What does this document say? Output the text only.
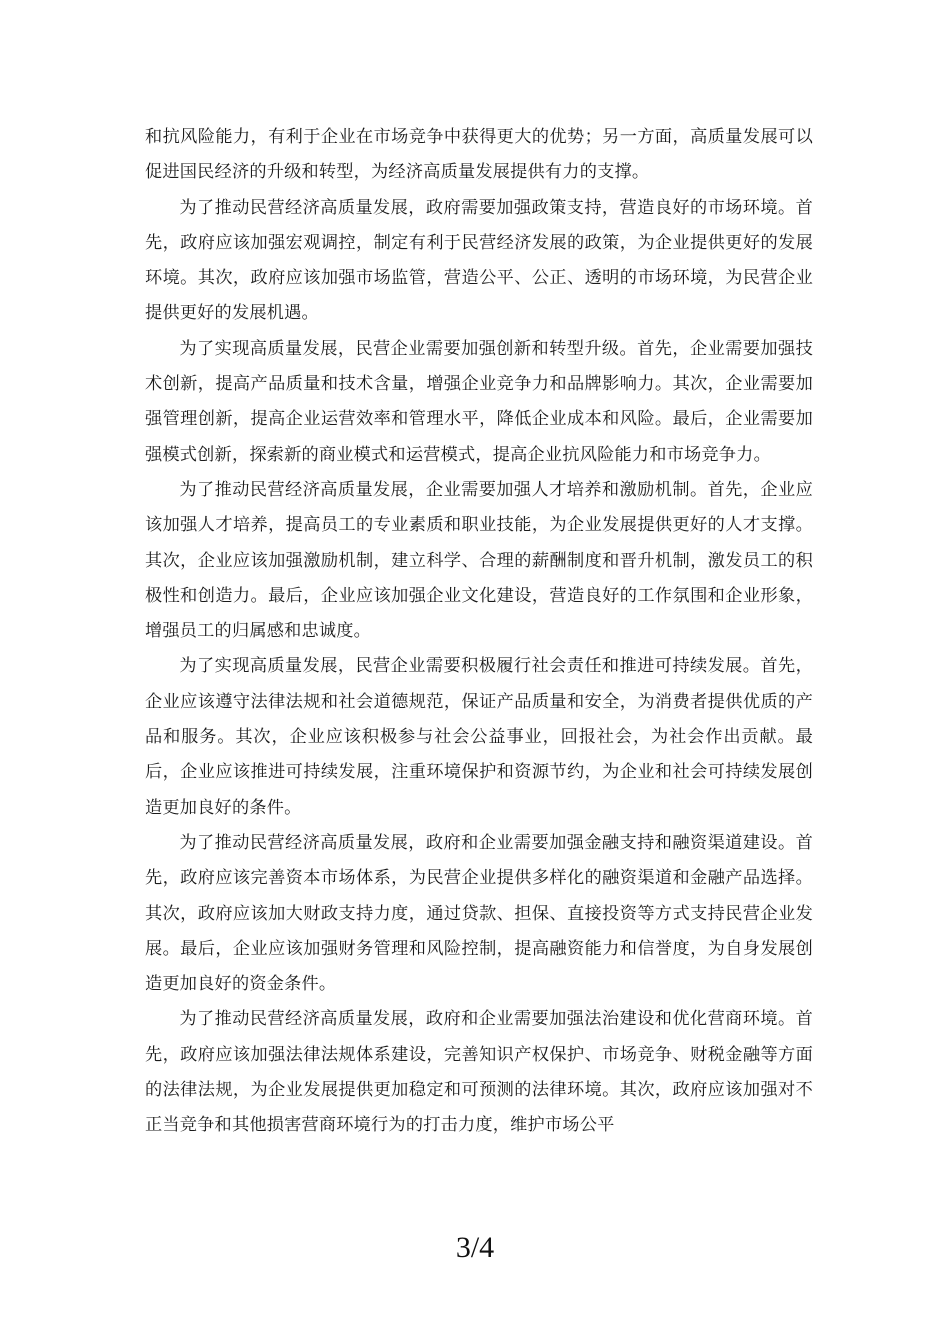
和抗风险能力，有利于企业在市场竞争中获得更大的优势；另一方面，高质量发展可以促进国民经济的升级和转型，为经济高质量发展提供有力的支撑。

为了推动民营经济高质量发展，政府需要加强政策支持，营造良好的市场环境。首先，政府应该加强宏观调控，制定有利于民营经济发展的政策，为企业提供更好的发展环境。其次，政府应该加强市场监管，营造公平、公正、透明的市场环境，为民营企业提供更好的发展机遇。

为了实现高质量发展，民营企业需要加强创新和转型升级。首先，企业需要加强技术创新，提高产品质量和技术含量，增强企业竞争力和品牌影响力。其次，企业需要加强管理创新，提高企业运营效率和管理水平，降低企业成本和风险。最后，企业需要加强模式创新，探索新的商业模式和运营模式，提高企业抗风险能力和市场竞争力。

为了推动民营经济高质量发展，企业需要加强人才培养和激励机制。首先，企业应该加强人才培养，提高员工的专业素质和职业技能，为企业发展提供更好的人才支撑。其次，企业应该加强激励机制，建立科学、合理的薪酬制度和晋升机制，激发员工的积极性和创造力。最后，企业应该加强企业文化建设，营造良好的工作氛围和企业形象，增强员工的归属感和忠诚度。

为了实现高质量发展，民营企业需要积极履行社会责任和推进可持续发展。首先，企业应该遵守法律法规和社会道德规范，保证产品质量和安全，为消费者提供优质的产品和服务。其次，企业应该积极参与社会公益事业，回报社会，为社会作出贡献。最后，企业应该推进可持续发展，注重环境保护和资源节约，为企业和社会可持续发展创造更加良好的条件。

为了推动民营经济高质量发展，政府和企业需要加强金融支持和融资渠道建设。首先，政府应该完善资本市场体系，为民营企业提供多样化的融资渠道和金融产品选择。其次，政府应该加大财政支持力度，通过贷款、担保、直接投资等方式支持民营企业发展。最后，企业应该加强财务管理和风险控制，提高融资能力和信誉度，为自身发展创造更加良好的资金条件。

为了推动民营经济高质量发展，政府和企业需要加强法治建设和优化营商环境。首先，政府应该加强法律法规体系建设，完善知识产权保护、市场竞争、财税金融等方面的法律法规，为企业发展提供更加稳定和可预测的法律环境。其次，政府应该加强对不正当竞争和其他损害营商环境行为的打击力度，维护市场公平

3/4
